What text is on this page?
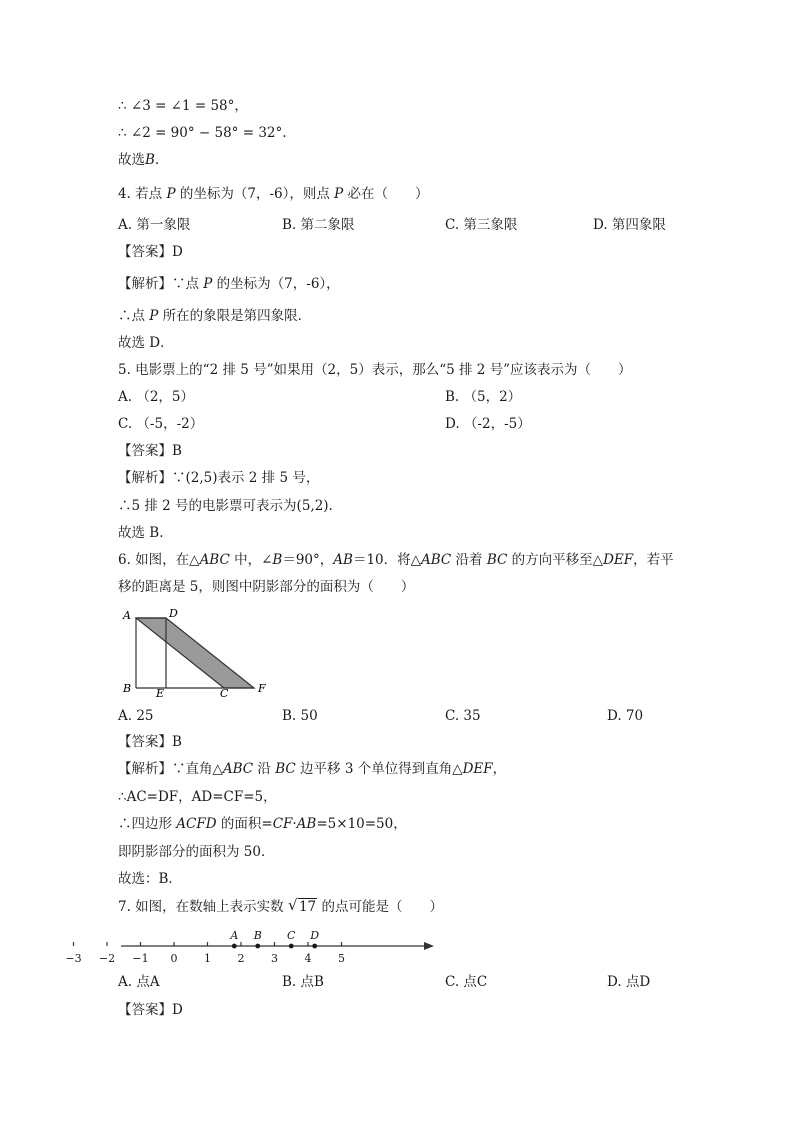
∴ ∠3 = ∠1 = 58°，
∴ ∠2 = 90° − 58° = 32°.
故选B.
4. 若点 P 的坐标为（7，-6），则点 P 必在（　　）
A. 第一象限	B. 第二象限	C. 第三象限	D. 第四象限
【答案】D
【解析】∵点 P 的坐标为（7，-6），
∴点 P 所在的象限是第四象限．
故选 D．
5. 电影票上的“2 排 5 号”如果用（2，5）表示，那么“5 排 2 号”应该表示为（　　）
A. （2，5）	B. （5，2）
C. （-5，-2）	D. （-2，-5）
【答案】B
【解析】∵(2,5)表示 2 排 5 号，
∴5 排 2 号的电影票可表示为(5,2).
故选 B.
6. 如图，在△ABC 中，∠B＝90°，AB＝10．将△ABC 沿着 BC 的方向平移至△DEF，若平
移的距离是 5，则图中阴影部分的面积为（　　）
A	D
B E	C	F
A. 25	B. 50	C. 35	D. 70
【答案】B
【解析】∵直角△ABC 沿 BC 边平移 3 个单位得到直角△DEF，
∴AC=DF，AD=CF=5，
∴四边形 ACFD 的面积=CF·AB=5×10=50，
即阴影部分的面积为 50．
故选：B．
7. 如图，在数轴上表示实数 √ 17 的点可能是（　　）
−3 −2 −1 0 1 2 3 4 5
A B C D
A. 点A	B. 点B	C. 点C	D. 点D
【答案】D
